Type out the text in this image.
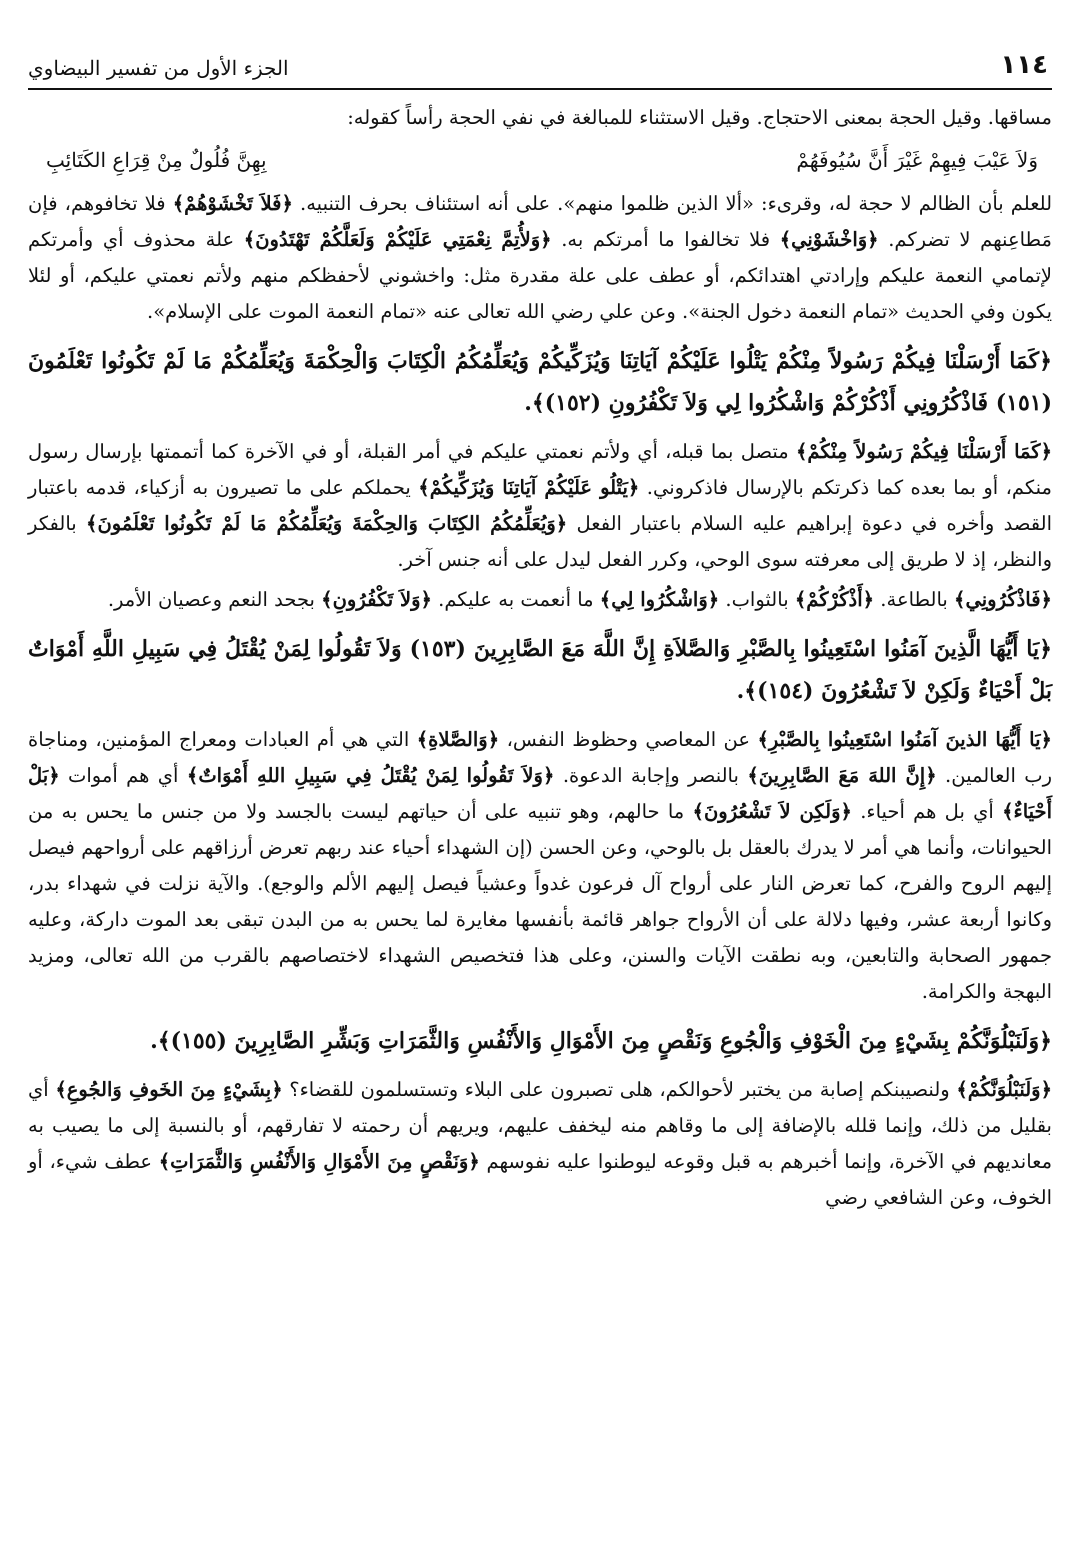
١١٤
الجزء الأول من تفسير البيضاوي

مساقها. وقيل الحجة بمعنى الاحتجاج. وقيل الاستثناء للمبالغة في نفي الحجة رأساً كقوله:

وَلاَ عَيْبَ فِيهِمْ غَيْرَ أَنَّ سُيُوفَهُمْ
بِهِنَّ فُلُولٌ مِنْ قِرَاعِ الكَتَائِبِ

للعلم بأن الظالم لا حجة له، وقرىء: «ألا الذين ظلموا منهم». على أنه استئناف بحرف التنبيه. ﴿فَلاَ تَخْشَوْهُمْ﴾ فلا تخافوهم، فإن مَطاعِنهم لا تضركم. ﴿وَاخْشَوْنِي﴾ فلا تخالفوا ما أمرتكم به. ﴿وَلأُتِمَّ نِعْمَتِي عَلَيْكُمْ وَلَعَلَّكُمْ تَهْتَدُونَ﴾ علة محذوف أي وأمرتكم لإتمامي النعمة عليكم وإرادتي اهتدائكم، أو عطف على علة مقدرة مثل: واخشوني لأحفظكم منهم ولأتم نعمتي عليكم، أو لئلا يكون وفي الحديث «تمام النعمة دخول الجنة». وعن علي رضي الله تعالى عنه «تمام النعمة الموت على الإسلام».

﴿كَمَا أَرْسَلْنَا فِيكُمْ رَسُولاً مِنْكُمْ يَتْلُوا عَلَيْكُمْ آيَاتِنَا وَيُزَكِّيكُمْ وَيُعَلِّمُكُمُ الْكِتَابَ وَالْحِكْمَةَ وَيُعَلِّمُكُمْ مَا لَمْ تَكُونُوا تَعْلَمُونَ (١٥١) فَاذْكُرُونِي أَذْكُرْكُمْ وَاشْكُرُوا لِي وَلاَ تَكْفُرُونِ (١٥٢)﴾.

﴿كَمَا أَرْسَلْنَا فِيكُمْ رَسُولاً مِنْكُمْ﴾ متصل بما قبله، أي ولأتم نعمتي عليكم في أمر القبلة، أو في الآخرة كما أتممتها بإرسال رسول منكم، أو بما بعده كما ذكرتكم بالإرسال فاذكروني. ﴿يَتْلُو عَلَيْكُمْ آيَاتِنَا وَيُزَكِّيكُمْ﴾ يحملكم على ما تصيرون به أزكياء، قدمه باعتبار القصد وأخره في دعوة إبراهيم عليه السلام باعتبار الفعل ﴿وَيُعَلِّمُكُمُ الكِتَابَ وَالحِكْمَةَ وَيُعَلِّمُكُمْ مَا لَمْ تَكُونُوا تَعْلَمُونَ﴾ بالفكر والنظر، إذ لا طريق إلى معرفته سوى الوحي، وكرر الفعل ليدل على أنه جنس آخر.

﴿فَاذْكُرُونِي﴾ بالطاعة. ﴿أَذْكُرْكُمْ﴾ بالثواب. ﴿وَاشْكُرُوا لِي﴾ ما أنعمت به عليكم. ﴿وَلاَ تَكْفُرُونِ﴾ بجحد النعم وعصيان الأمر.

﴿يَا أَيُّهَا الَّذِينَ آمَنُوا اسْتَعِينُوا بِالصَّبْرِ وَالصَّلاَةِ إِنَّ اللَّهَ مَعَ الصَّابِرِينَ (١٥٣) وَلاَ تَقُولُوا لِمَنْ يُقْتَلُ فِي سَبِيلِ اللَّهِ أَمْوَاتٌ بَلْ أَحْيَاءٌ وَلَكِنْ لاَ تَشْعُرُونَ (١٥٤)﴾.

﴿يَا أَيُّهَا الذينَ آمَنُوا اسْتَعِينُوا بِالصَّبْرِ﴾ عن المعاصي وحظوظ النفس، ﴿وَالصَّلاةِ﴾ التي هي أم العبادات ومعراج المؤمنين، ومناجاة رب العالمين. ﴿إِنَّ اللهَ مَعَ الصَّابِرِينَ﴾ بالنصر وإجابة الدعوة. ﴿وَلاَ تَقُولُوا لِمَنْ يُقْتَلُ فِي سَبِيلِ اللهِ أَمْوَاتٌ﴾ أي هم أموات ﴿بَلْ أَحْيَاءٌ﴾ أي بل هم أحياء. ﴿وَلَكِن لاَ تَشْعُرُونَ﴾ ما حالهم، وهو تنبيه على أن حياتهم ليست بالجسد ولا من جنس ما يحس به من الحيوانات، وأنما هي أمر لا يدرك بالعقل بل بالوحي، وعن الحسن (إن الشهداء أحياء عند ربهم تعرض أرزاقهم على أرواحهم فيصل إليهم الروح والفرح، كما تعرض النار على أرواح آل فرعون غدواً وعشياً فيصل إليهم الألم والوجع). والآية نزلت في شهداء بدر، وكانوا أربعة عشر، وفيها دلالة على أن الأرواح جواهر قائمة بأنفسها مغايرة لما يحس به من البدن تبقى بعد الموت داركة، وعليه جمهور الصحابة والتابعين، وبه نطقت الآيات والسنن، وعلى هذا فتخصيص الشهداء لاختصاصهم بالقرب من الله تعالى، ومزيد البهجة والكرامة.

﴿وَلَنَبْلُوَنَّكُمْ بِشَيْءٍ مِنَ الْخَوْفِ وَالْجُوعِ وَنَقْصٍ مِنَ الأَمْوَالِ وَالأَنْفُسِ وَالثَّمَرَاتِ وَبَشِّرِ الصَّابِرِينَ (١٥٥)﴾.

﴿وَلَنَبْلُوَنَّكُمْ﴾ ولنصيبنكم إصابة من يختبر لأحوالكم، هلى تصبرون على البلاء وتستسلمون للقضاء؟ ﴿بِشَيْءٍ مِنَ الخَوفِ وَالجُوعِ﴾ أي بقليل من ذلك، وإنما قلله بالإضافة إلى ما وقاهم منه ليخفف عليهم، ويريهم أن رحمته لا تفارقهم، أو بالنسبة إلى ما يصيب به معانديهم في الآخرة، وإنما أخبرهم به قبل وقوعه ليوطنوا عليه نفوسهم ﴿وَنَقْصٍ مِنَ الأَمْوَالِ وَالأَنْفُسِ وَالثَّمَرَاتِ﴾ عطف شيء، أو الخوف، وعن الشافعي رضي
